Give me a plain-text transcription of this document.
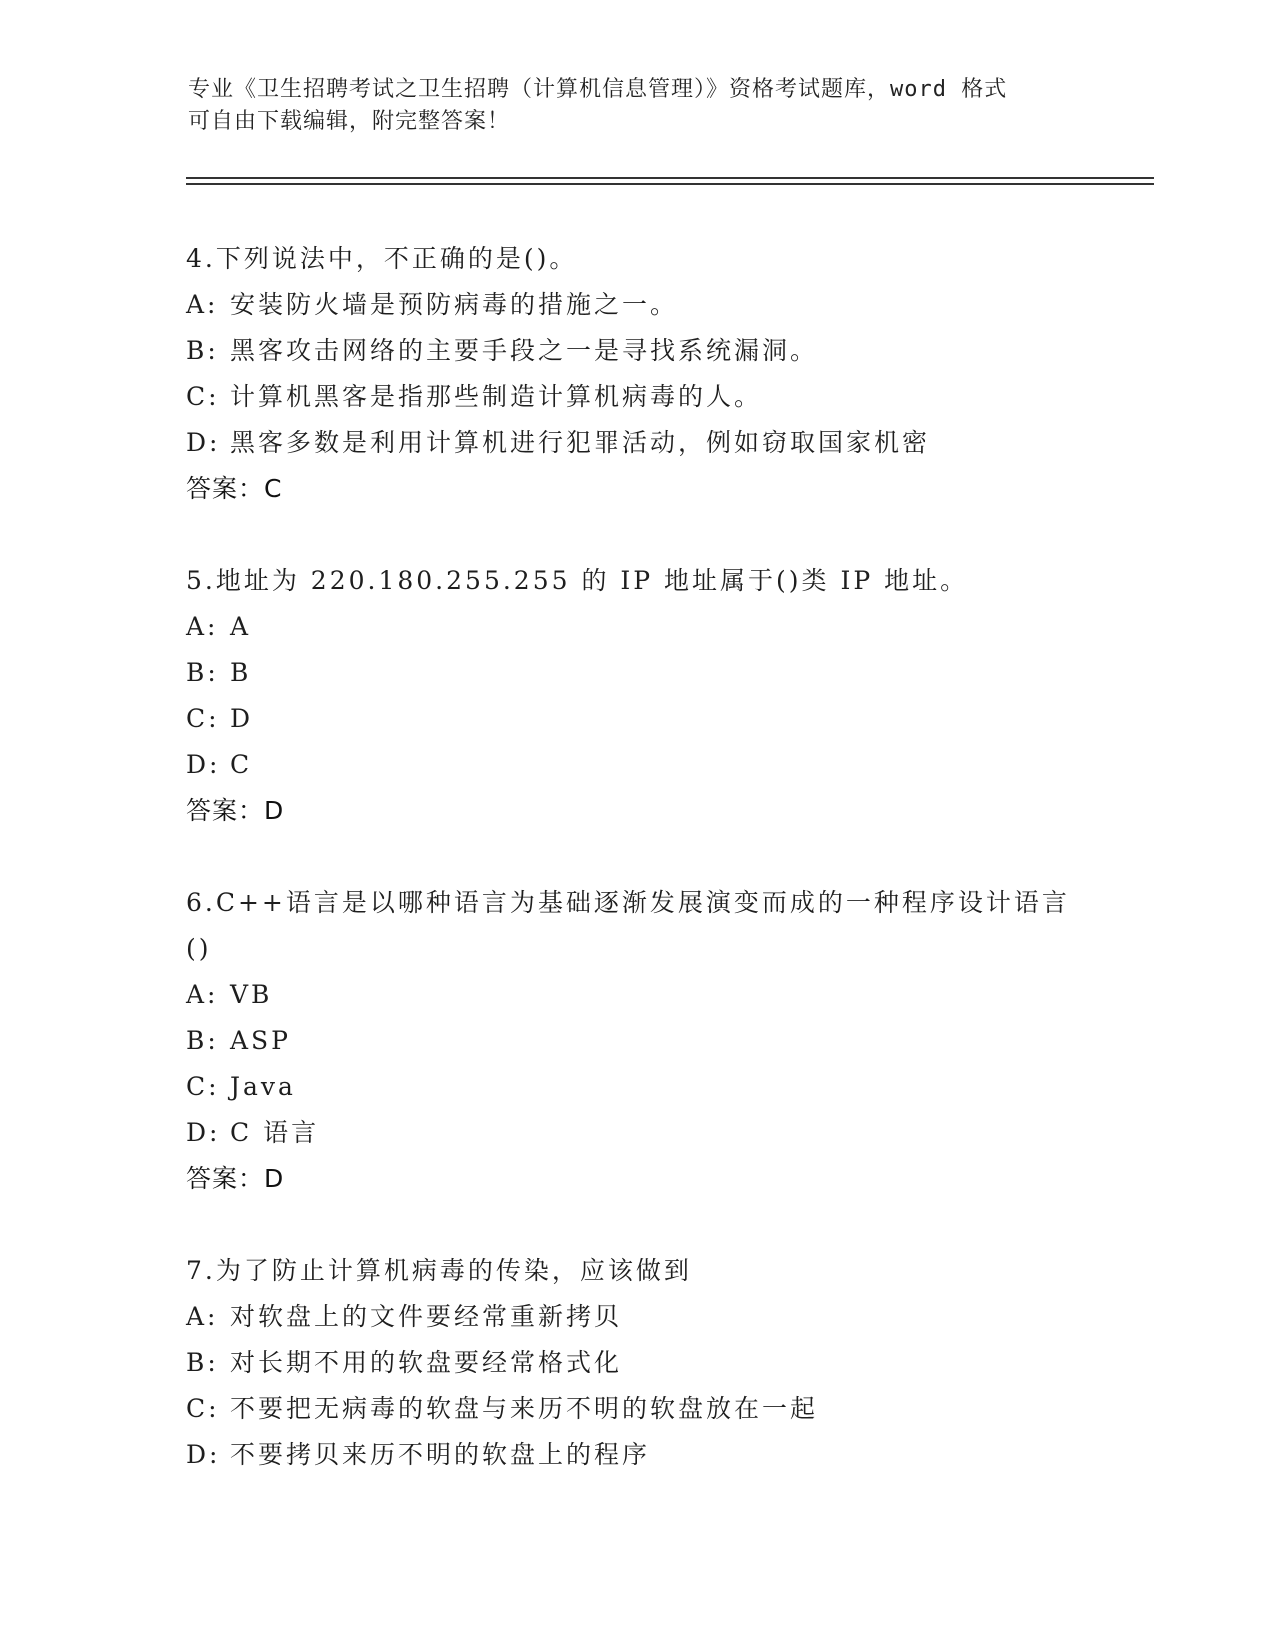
专业《卫生招聘考试之卫生招聘（计算机信息管理）》资格考试题库，word 格式
可自由下载编辑，附完整答案！
4.下列说法中，不正确的是()。
A: 安装防火墙是预防病毒的措施之一。
B: 黑客攻击网络的主要手段之一是寻找系统漏洞。
C: 计算机黑客是指那些制造计算机病毒的人。
D: 黑客多数是利用计算机进行犯罪活动，例如窃取国家机密
答案：C
5.地址为 220.180.255.255 的 IP 地址属于()类 IP 地址。
A: A
B: B
C: D
D: C
答案：D
6.C++语言是以哪种语言为基础逐渐发展演变而成的一种程序设计语言
()
A: VB
B: ASP
C: Java
D: C 语言
答案：D
7.为了防止计算机病毒的传染，应该做到
A: 对软盘上的文件要经常重新拷贝
B: 对长期不用的软盘要经常格式化
C: 不要把无病毒的软盘与来历不明的软盘放在一起
D: 不要拷贝来历不明的软盘上的程序
